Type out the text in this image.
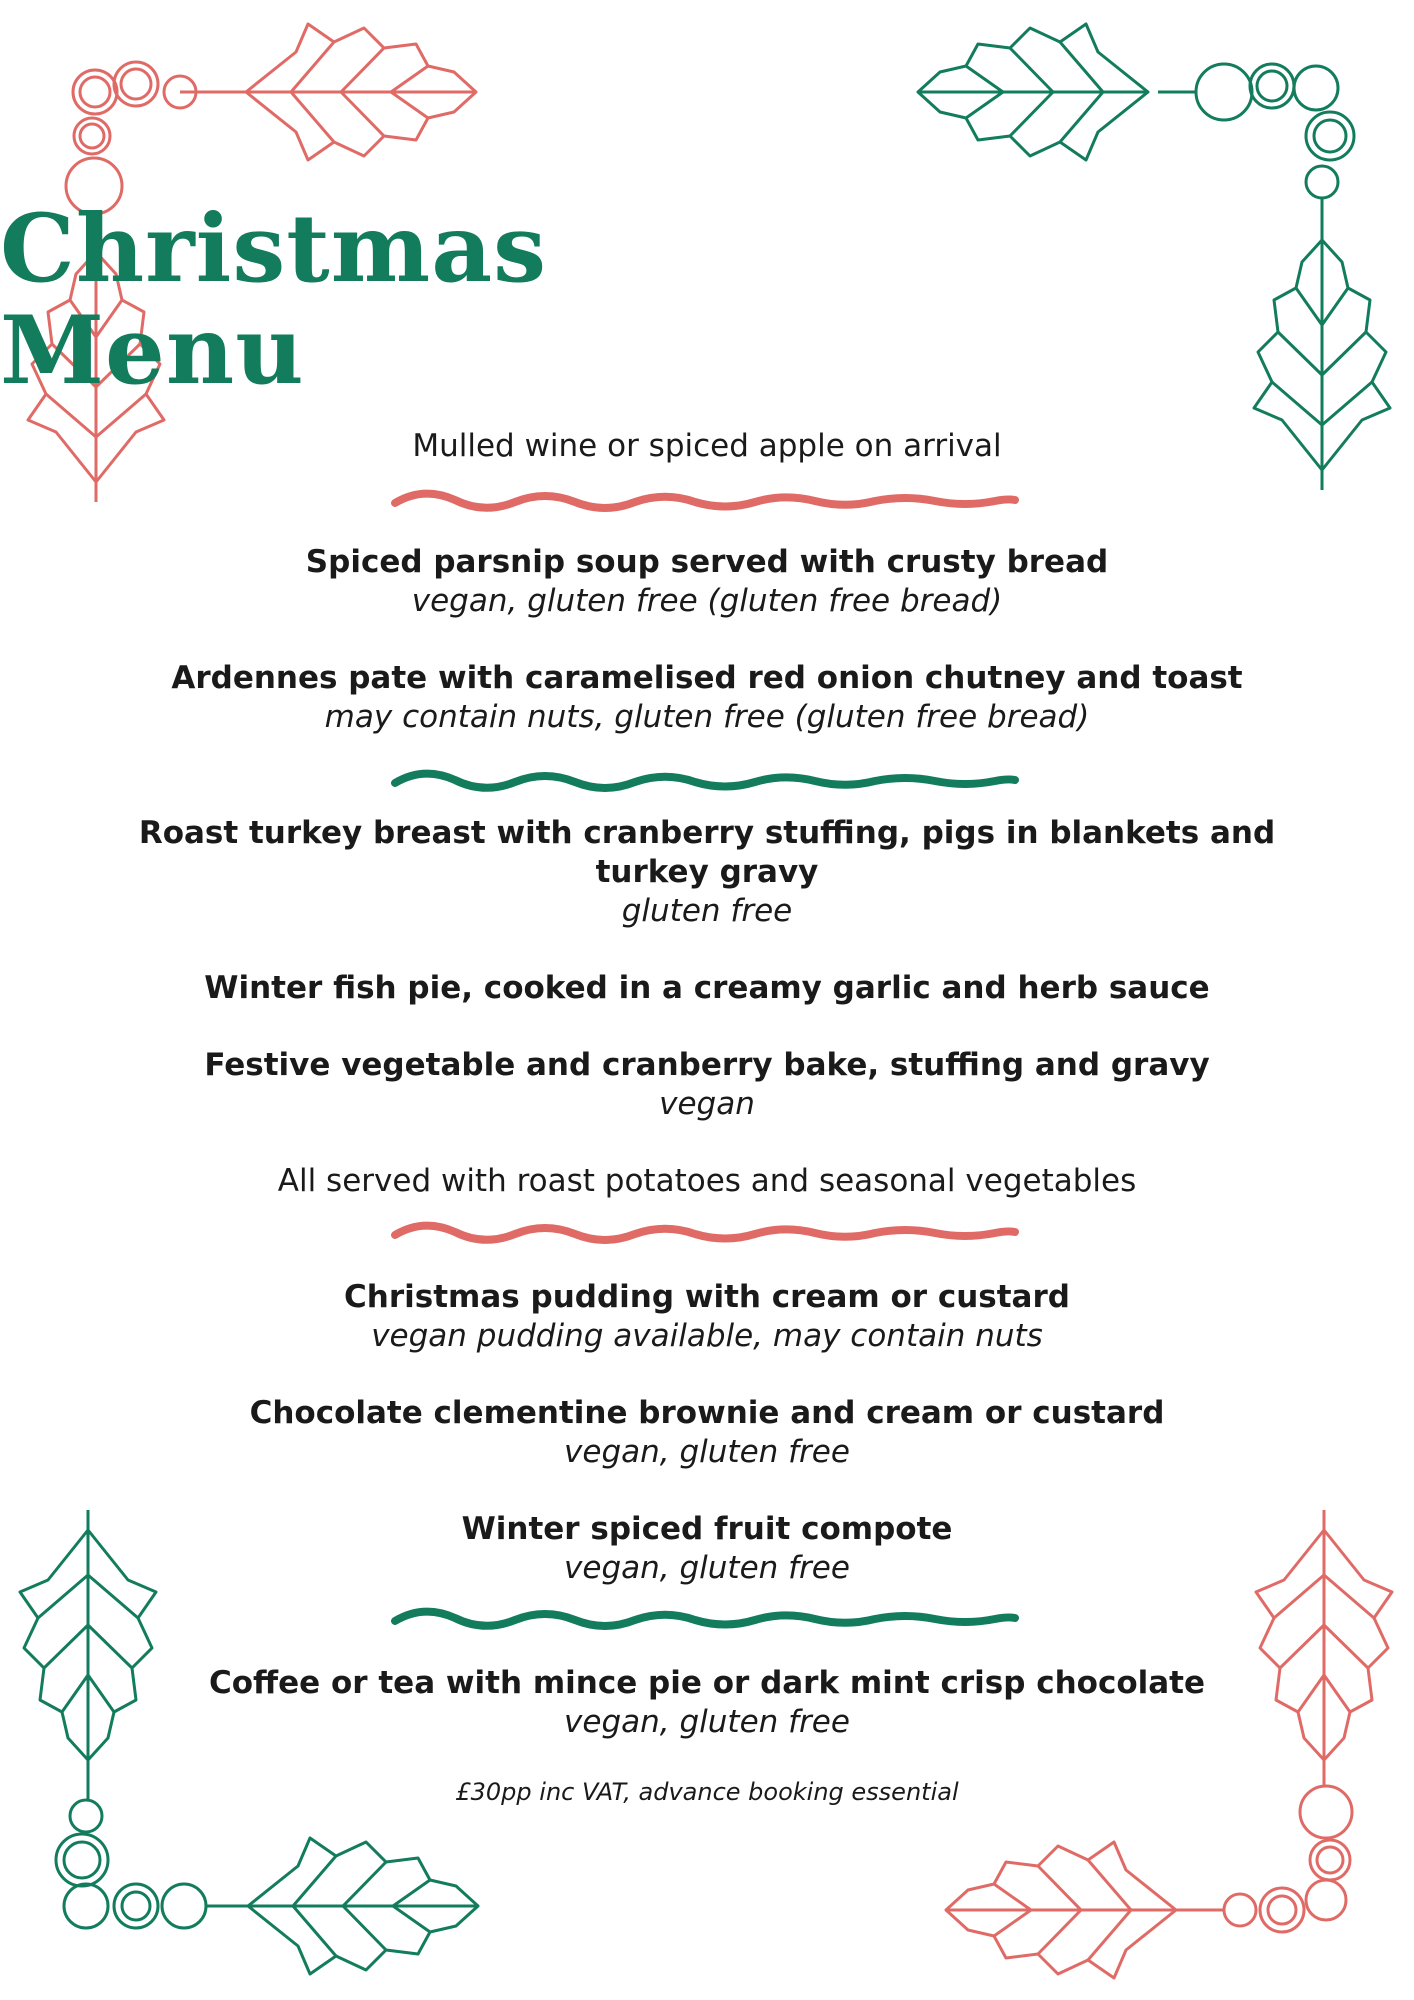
Christmas
Menu
Mulled wine or spiced apple on arrival
Spiced parsnip soup served with crusty bread
vegan, gluten free (gluten free bread)
Ardennes pate with caramelised red onion chutney and toast
may contain nuts, gluten free (gluten free bread)
Roast turkey breast with cranberry stuffing, pigs in blankets and
turkey gravy
gluten free
Winter fish pie, cooked in a creamy garlic and herb sauce
Festive vegetable and cranberry bake, stuffing and gravy
vegan
All served with roast potatoes and seasonal vegetables
Christmas pudding with cream or custard
vegan pudding available, may contain nuts
Chocolate clementine brownie and cream or custard
vegan, gluten free
Winter spiced fruit compote
vegan, gluten free
Coffee or tea with mince pie or dark mint crisp chocolate
vegan, gluten free
£30pp inc VAT, advance booking essential
